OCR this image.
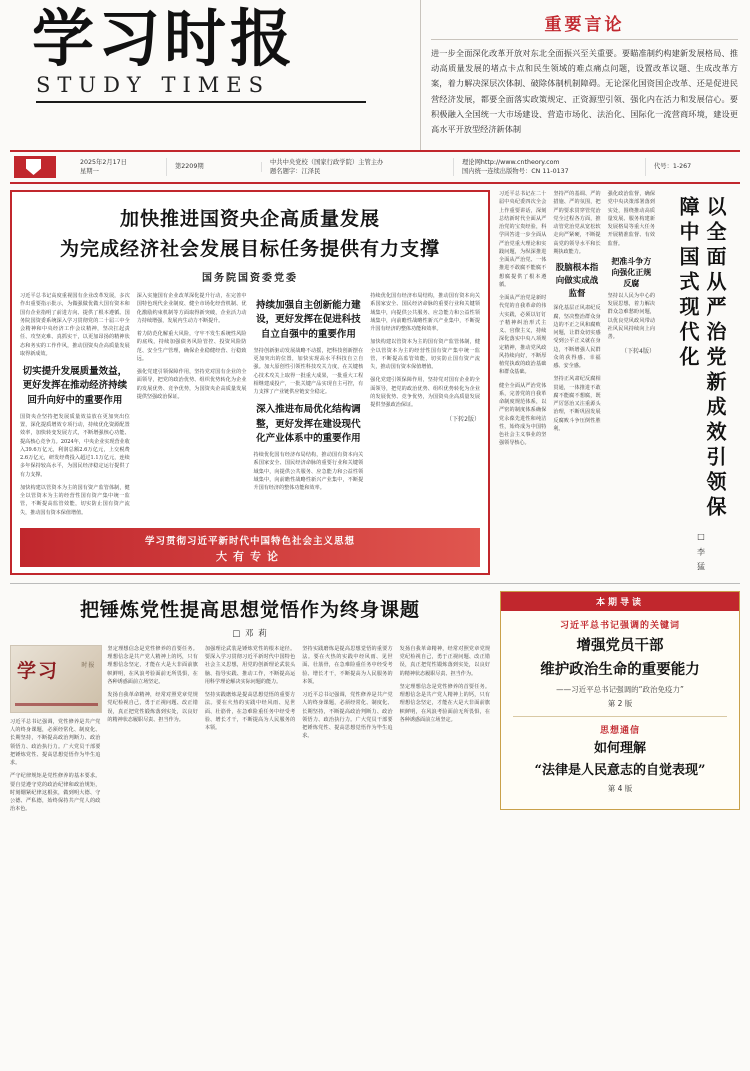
学习时报
STUDY TIMES
重要言论
进一步全面深化改革开放对东北全面振兴至关重要。要瞄准制约构建新发展格局、推动高质量发展的堵点卡点和民生领域的难点痛点问题，设置改革议题、生成改革方案，着力解决深层次体制、破除体制机制障碍。无论深化国资国企改革、还是促进民营经济发展，都要全面落实政策规定、正资源型引领、强化内在活力和发展信心。要积极融入全国统一大市场建设、营造市场化、法治化、国际化一流营商环境，建设更高水平开放型经济新体制
2025年2月17日
星期一
第2209期
中共中央党校（国家行政学院）主管主办
题名题字：江泽民
理论网http://www.cntheory.com
国内统一连续出版物号：CN 11-0137
代号：1-267
加快推进国资央企高质量发展
为完成经济社会发展目标任务提供有力支撑
国务院国资委党委

习近平总书记高度重视国有企业改革发展，多次作出重要指示批示，为做强做优做大国有资本和国有企业指明了前进方向、提供了根本遵循。国务院国资委系统深入学习贯彻党的二十届三中全会精神和中央经济工作会议精神，坚决扛起责任、攻坚克难、真抓实干，以更加昂扬的精神状态和务实的工作作风，推动国资央企高质量发展取得新成效。

切实提升发展质量效益，更好发挥在推动经济持续回升向好中的重要作用

国资央企坚持把发展质量效益放在更加突出位置，深化提质增效专项行动，持续优化资源配置效率，加快转变发展方式，不断增强核心功能、提高核心竞争力。2024年，中央企业实现营业收入39.6万亿元，利润总额2.6万亿元，上交税费2.6万亿元，研发经费投入超过1.1万亿元，连续多年保持较高水平，为国民经济稳定运行提供了有力支撑。

加快构建以管资本为主的国有资产监管体制，健全以管资本为主的经营性国有资产集中统一监管，不断提高监管效能，切实防止国有资产流失，推动国有资本保值增值。

深入实施国有企业改革深化提升行动，在完善中国特色现代企业制度、健全市场化经营机制、优化激励约束机制等方面取得新突破，企业活力动力持续增强，发展内生动力不断提升。

着力防范化解重大风险，守牢不发生系统性风险的底线，持续加强债务风险管控、投资风险防范、安全生产管理，确保企业稳健经营、行稳致远。

强化党建引领保障作用，坚持党对国有企业的全面领导，把党的政治优势、组织优势转化为企业的发展优势、竞争优势，为国资央企高质量发展提供坚强政治保证。

持续加强自主创新能力建设，更好发挥在促进科技自立自强中的重要作用

坚持创新驱动发展战略不动摇，把科技创新摆在更加突出的位置，加快实现高水平科技自立自强。加大原创性引领性科技攻关力度，在关键核心技术攻关上取得一批重大成果，一批重大工程相继建成投产，一批关键产品实现自主可控，有力支撑了产业链供应链安全稳定。

深入推进布局优化结构调整，更好发挥在建设现代化产业体系中的重要作用

持续优化国有经济布局结构，推动国有资本向关系国家安全、国民经济命脉的重要行业和关键领域集中，向提供公共服务、应急能力和公益性领域集中，向前瞻性战略性新兴产业集中，不断提升国有经济的整体功能和效率。

持续优化国有经济布局结构，推动国有资本向关系国家安全、国民经济命脉的重要行业和关键领域集中，向提供公共服务、应急能力和公益性领域集中，向前瞻性战略性新兴产业集中，不断提升国有经济的整体功能和效率。

加快构建以管资本为主的国有资产监管体制，健全以管资本为主的经营性国有资产集中统一监管，不断提高监管效能，切实防止国有资产流失，推动国有资本保值增值。

强化党建引领保障作用，坚持党对国有企业的全面领导，把党的政治优势、组织优势转化为企业的发展优势、竞争优势，为国资央企高质量发展提供坚强政治保证。

（下转2版）
学习贯彻习近平新时代中国特色社会主义思想
大有专论

习近平总书记在二十届中央纪委四次全会上作重要讲话，深刻总结新时代全面从严治党的宝贵经验，科学回答进一步全面从严治党重大理论和实践问题，为纵深推进全面从严治党、一体推进不敢腐不能腐不想腐提供了根本遵循。

全面从严治党是新时代党的自我革命的伟大实践，必须以钉钉子精神纠治形式主义、官僚主义，持续深化落实中央八项规定精神，推动党风政风持续向好，不断厚植党执政的政治基础和群众基础。

健全全面从严治党体系，完善党的自我革命制度规范体系，以严密的制度体系确保党永葆先进性和纯洁性，始终成为中国特色社会主义事业的坚强领导核心。

坚持严的基调、严的措施、严的氛围，把严的要求贯穿管党治党全过程各方面，推动管党治党从宽松软走向严紧硬，不断提高党的领导水平和长期执政能力。

股脑根本指向做实成战监督

深化基层正风肃纪反腐，坚决整治群众身边的不正之风和腐败问题，让群众切实感受到公平正义就在身边，不断增强人民群众的获得感、幸福感、安全感。

坚持正风肃纪反腐相贯通，一体推进不敢腐不能腐不想腐，既严厉惩治又注重源头治理，不断巩固发展反腐败斗争压倒性胜利。

强化政治监督，确保党中央决策部署落到实处，围绕推动高质量发展、服务构建新发展格局等重大任务开展精准监督、有效监督。

把准斗争方向强化正规反腐

坚持以人民为中心的发展思想，着力解决群众急难愁盼问题，以优良党风政风带动社风民风持续向上向善。

（下转4版）	以全面从严治党新成效引领保障中国式现代化
□ 李 猛
把锤炼党性提高思想觉悟作为终身课题
□ 邓 莉
学习	时报

习近平总书记强调，党性修养是共产党人的终身课题，必须经常化、制度化、长期坚持，不断提高政治判断力、政治领悟力、政治执行力。广大党员干部要把锤炼党性、提高思想觉悟作为毕生追求。

严守纪律规矩是党性修养的基本要求。要自觉遵守党的政治纪律和政治规矩，时刻绷紧纪律这根弦，做到明大德、守公德、严私德，始终保持共产党人的政治本色。

坚定理想信念是党性修养的首要任务。理想信念是共产党人精神上的钙，只有理想信念坚定，才能在大是大非面前旗帜鲜明，在风浪考验面前无所畏惧，在各种诱惑面前立场坚定。

发扬自我革命精神，经常对照党章党规党纪检视自己，勇于正视问题、改正错误，真正把党性锻炼落到实处，以良好的精神状态履职尽责、担当作为。

加强理论武装是锤炼党性的根本途径。要深入学习贯彻习近平新时代中国特色社会主义思想，用党的创新理论武装头脑、指导实践、推动工作，不断提高运用科学理论解决实际问题的能力。

坚持实践磨炼是提高思想觉悟的重要方法。要在火热的实践中经风雨、见世面、壮筋骨，在急难险重任务中经受考验、增长才干，不断提高为人民服务的本领。

坚持实践磨炼是提高思想觉悟的重要方法。要在火热的实践中经风雨、见世面、壮筋骨，在急难险重任务中经受考验、增长才干，不断提高为人民服务的本领。

习近平总书记强调，党性修养是共产党人的终身课题，必须经常化、制度化、长期坚持，不断提高政治判断力、政治领悟力、政治执行力。广大党员干部要把锤炼党性、提高思想觉悟作为毕生追求。

发扬自我革命精神，经常对照党章党规党纪检视自己，勇于正视问题、改正错误，真正把党性锻炼落到实处，以良好的精神状态履职尽责、担当作为。

坚定理想信念是党性修养的首要任务。理想信念是共产党人精神上的钙，只有理想信念坚定，才能在大是大非面前旗帜鲜明，在风浪考验面前无所畏惧，在各种诱惑面前立场坚定。

本期导读
习近平总书记强调的关键词
增强党员干部
维护政治生命的重要能力
——习近平总书记强调的“政治免疫力”
第 2 版
思想通信
如何理解
“法律是人民意志的自觉表现”
第 4 版
